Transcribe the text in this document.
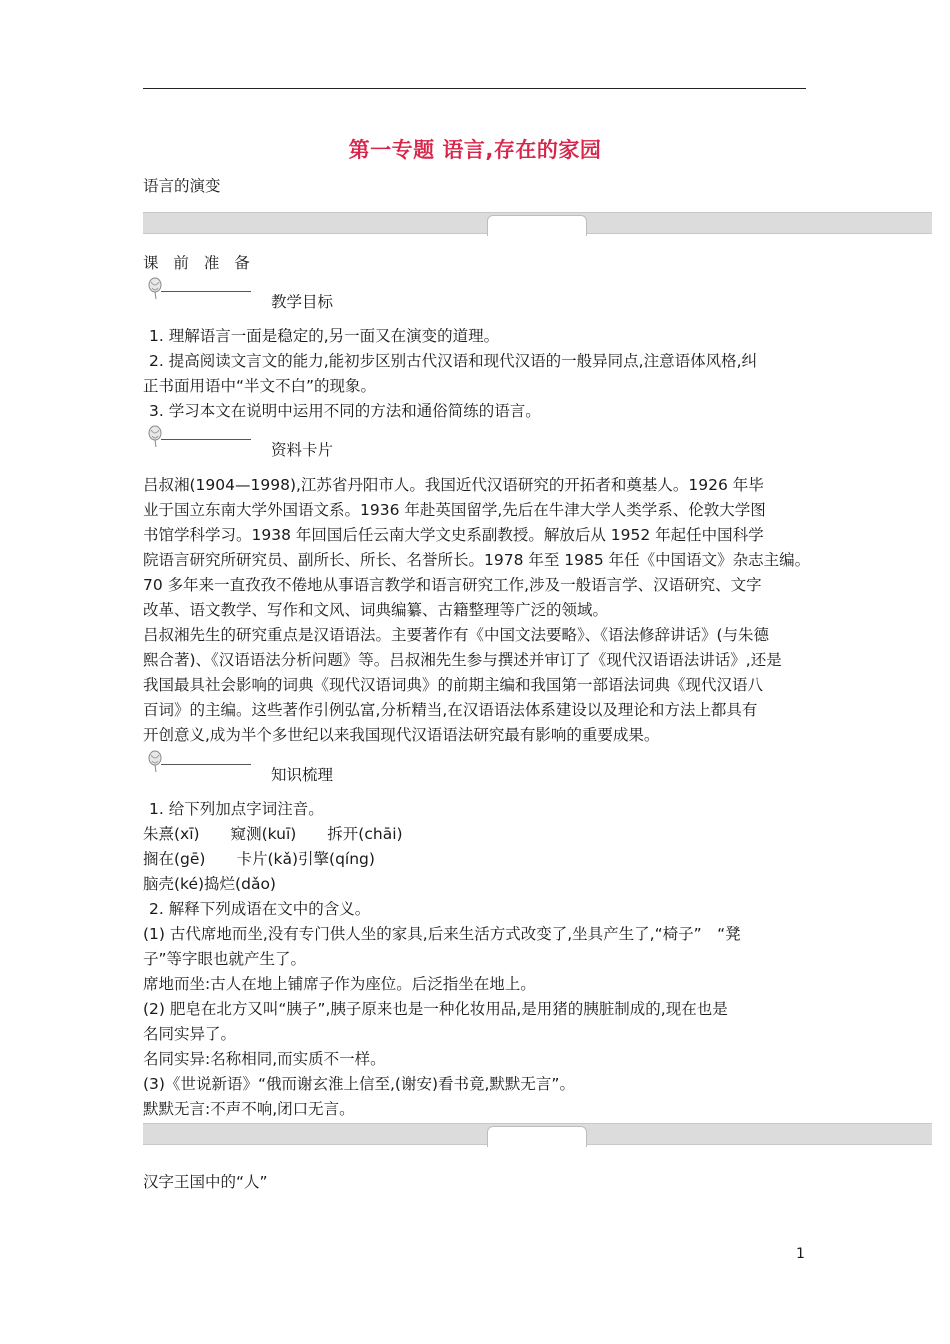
第一专题 语言,存在的家园
语言的演变
课 前 准 备
教学目标
1. 理解语言一面是稳定的,另一面又在演变的道理。
2. 提高阅读文言文的能力,能初步区别古代汉语和现代汉语的一般异同点,注意语体风格,纠
正书面用语中“半文不白”的现象。
3. 学习本文在说明中运用不同的方法和通俗简练的语言。
资料卡片
吕叔湘(1904—1998),江苏省丹阳市人。我国近代汉语研究的开拓者和奠基人。1926 年毕
业于国立东南大学外国语文系。1936 年赴英国留学,先后在牛津大学人类学系、伦敦大学图
书馆学科学习。1938 年回国后任云南大学文史系副教授。解放后从 1952 年起任中国科学
院语言研究所研究员、副所长、所长、名誉所长。1978 年至 1985 年任《中国语文》杂志主编。
70 多年来一直孜孜不倦地从事语言教学和语言研究工作,涉及一般语言学、汉语研究、文字
改革、语文教学、写作和文风、词典编纂、古籍整理等广泛的领域。
吕叔湘先生的研究重点是汉语语法。主要著作有《中国文法要略》、《语法修辞讲话》(与朱德
熙合著)、《汉语语法分析问题》等。吕叔湘先生参与撰述并审订了《现代汉语语法讲话》,还是
我国最具社会影响的词典《现代汉语词典》的前期主编和我国第一部语法词典《现代汉语八
百词》的主编。这些著作引例弘富,分析精当,在汉语语法体系建设以及理论和方法上都具有
开创意义,成为半个多世纪以来我国现代汉语语法研究最有影响的重要成果。
知识梳理
1. 给下列加点字词注音。
朱熹(xī)　　窥测(kuī)　　拆开(chāi)
搁在(gē)　　卡片(kǎ)引擎(qíng)
脑壳(ké)捣烂(dǎo)
2. 解释下列成语在文中的含义。
(1) 古代席地而坐,没有专门供人坐的家具,后来生活方式改变了,坐具产生了,“椅子”　“凳
子”等字眼也就产生了。
席地而坐:古人在地上铺席子作为座位。后泛指坐在地上。
(2) 肥皂在北方又叫“胰子”,胰子原来也是一种化妆用品,是用猪的胰脏制成的,现在也是
名同实异了。
名同实异:名称相同,而实质不一样。
(3)《世说新语》“俄而谢玄淮上信至,(谢安)看书竟,默默无言”。
默默无言:不声不响,闭口无言。
汉字王国中的“人”
1
